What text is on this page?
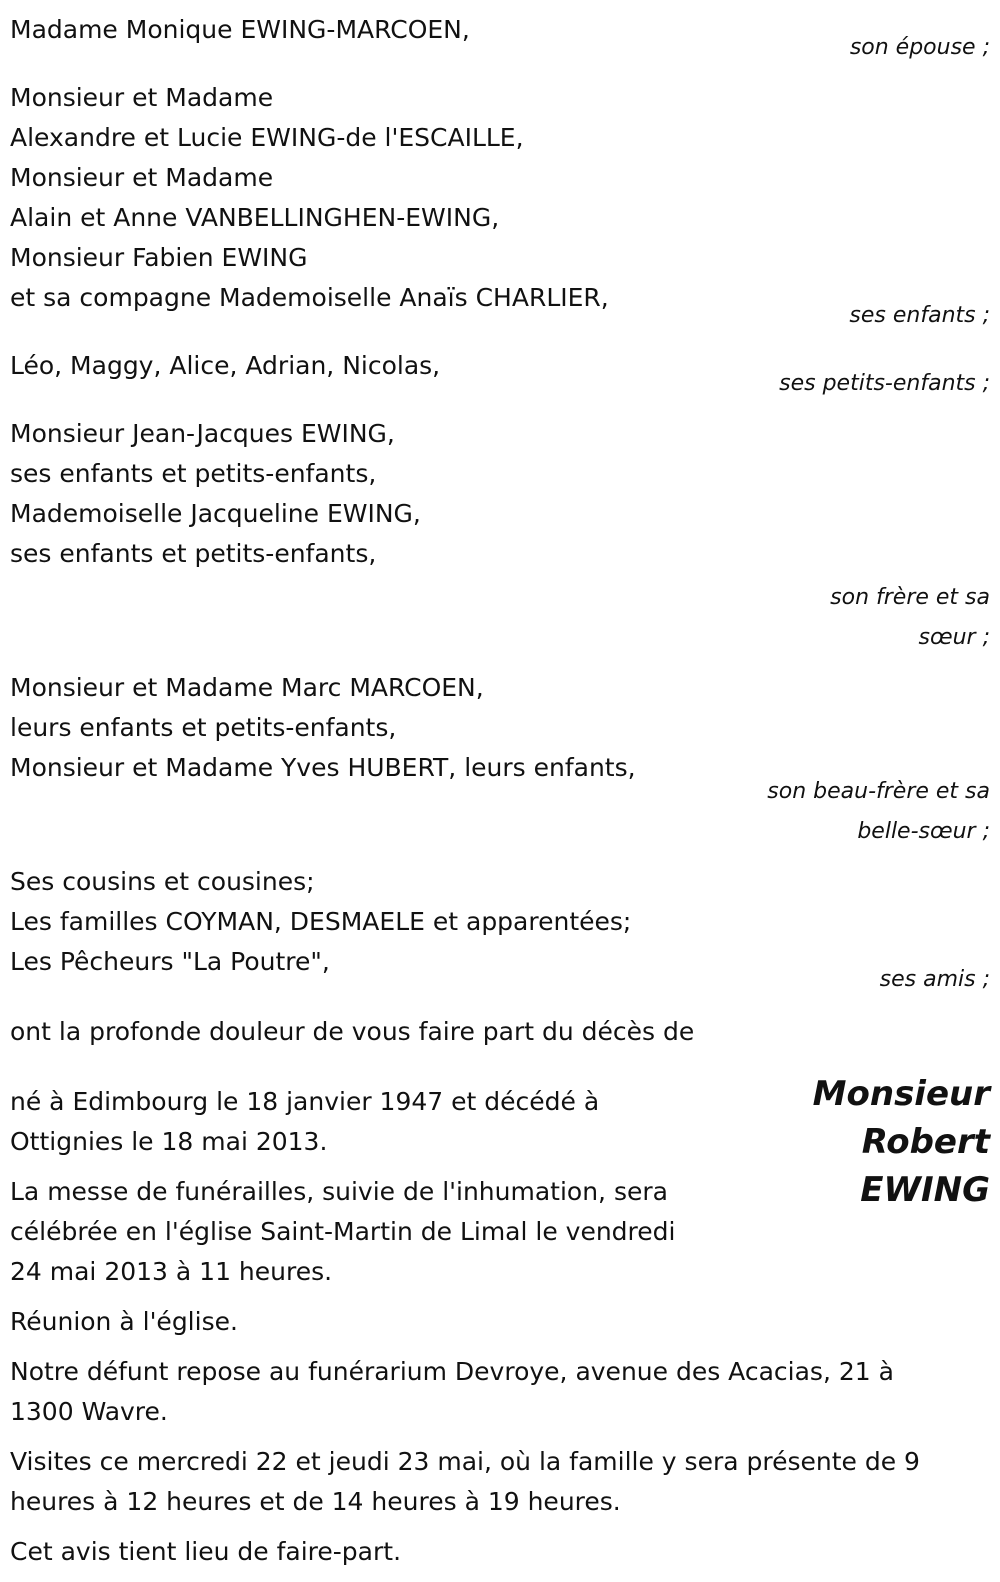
Madame Monique EWING-MARCOEN,
son épouse ;
Monsieur et Madame
Alexandre et Lucie EWING-de l'ESCAILLE,
Monsieur et Madame
Alain et Anne VANBELLINGHEN-EWING,
Monsieur Fabien EWING
et sa compagne Mademoiselle Anaïs CHARLIER,
ses enfants ;
Léo, Maggy, Alice, Adrian, Nicolas,
ses petits-enfants ;
Monsieur Jean-Jacques EWING,
ses enfants et petits-enfants,
Mademoiselle Jacqueline EWING,
ses enfants et petits-enfants,
son frère et sa
sœur ;
Monsieur et Madame Marc MARCOEN,
leurs enfants et petits-enfants,
Monsieur et Madame Yves HUBERT, leurs enfants,
son beau-frère et sa
belle-sœur ;
Ses cousins et cousines;
Les familles COYMAN, DESMAELE et apparentées;
Les Pêcheurs "La Poutre",
ses amis ;
ont la profonde douleur de vous faire part du décès de
Monsieur
Robert
EWING
né à Edimbourg le 18 janvier 1947 et décédé à
Ottignies le 18 mai 2013.
La messe de funérailles, suivie de l'inhumation, sera
célébrée en l'église Saint-Martin de Limal le vendredi
24 mai 2013 à 11 heures.
Réunion à l'église.
Notre défunt repose au funérarium Devroye, avenue des Acacias, 21 à
1300 Wavre.
Visites ce mercredi 22 et jeudi 23 mai, où la famille y sera présente de 9
heures à 12 heures et de 14 heures à 19 heures.
Cet avis tient lieu de faire-part.
